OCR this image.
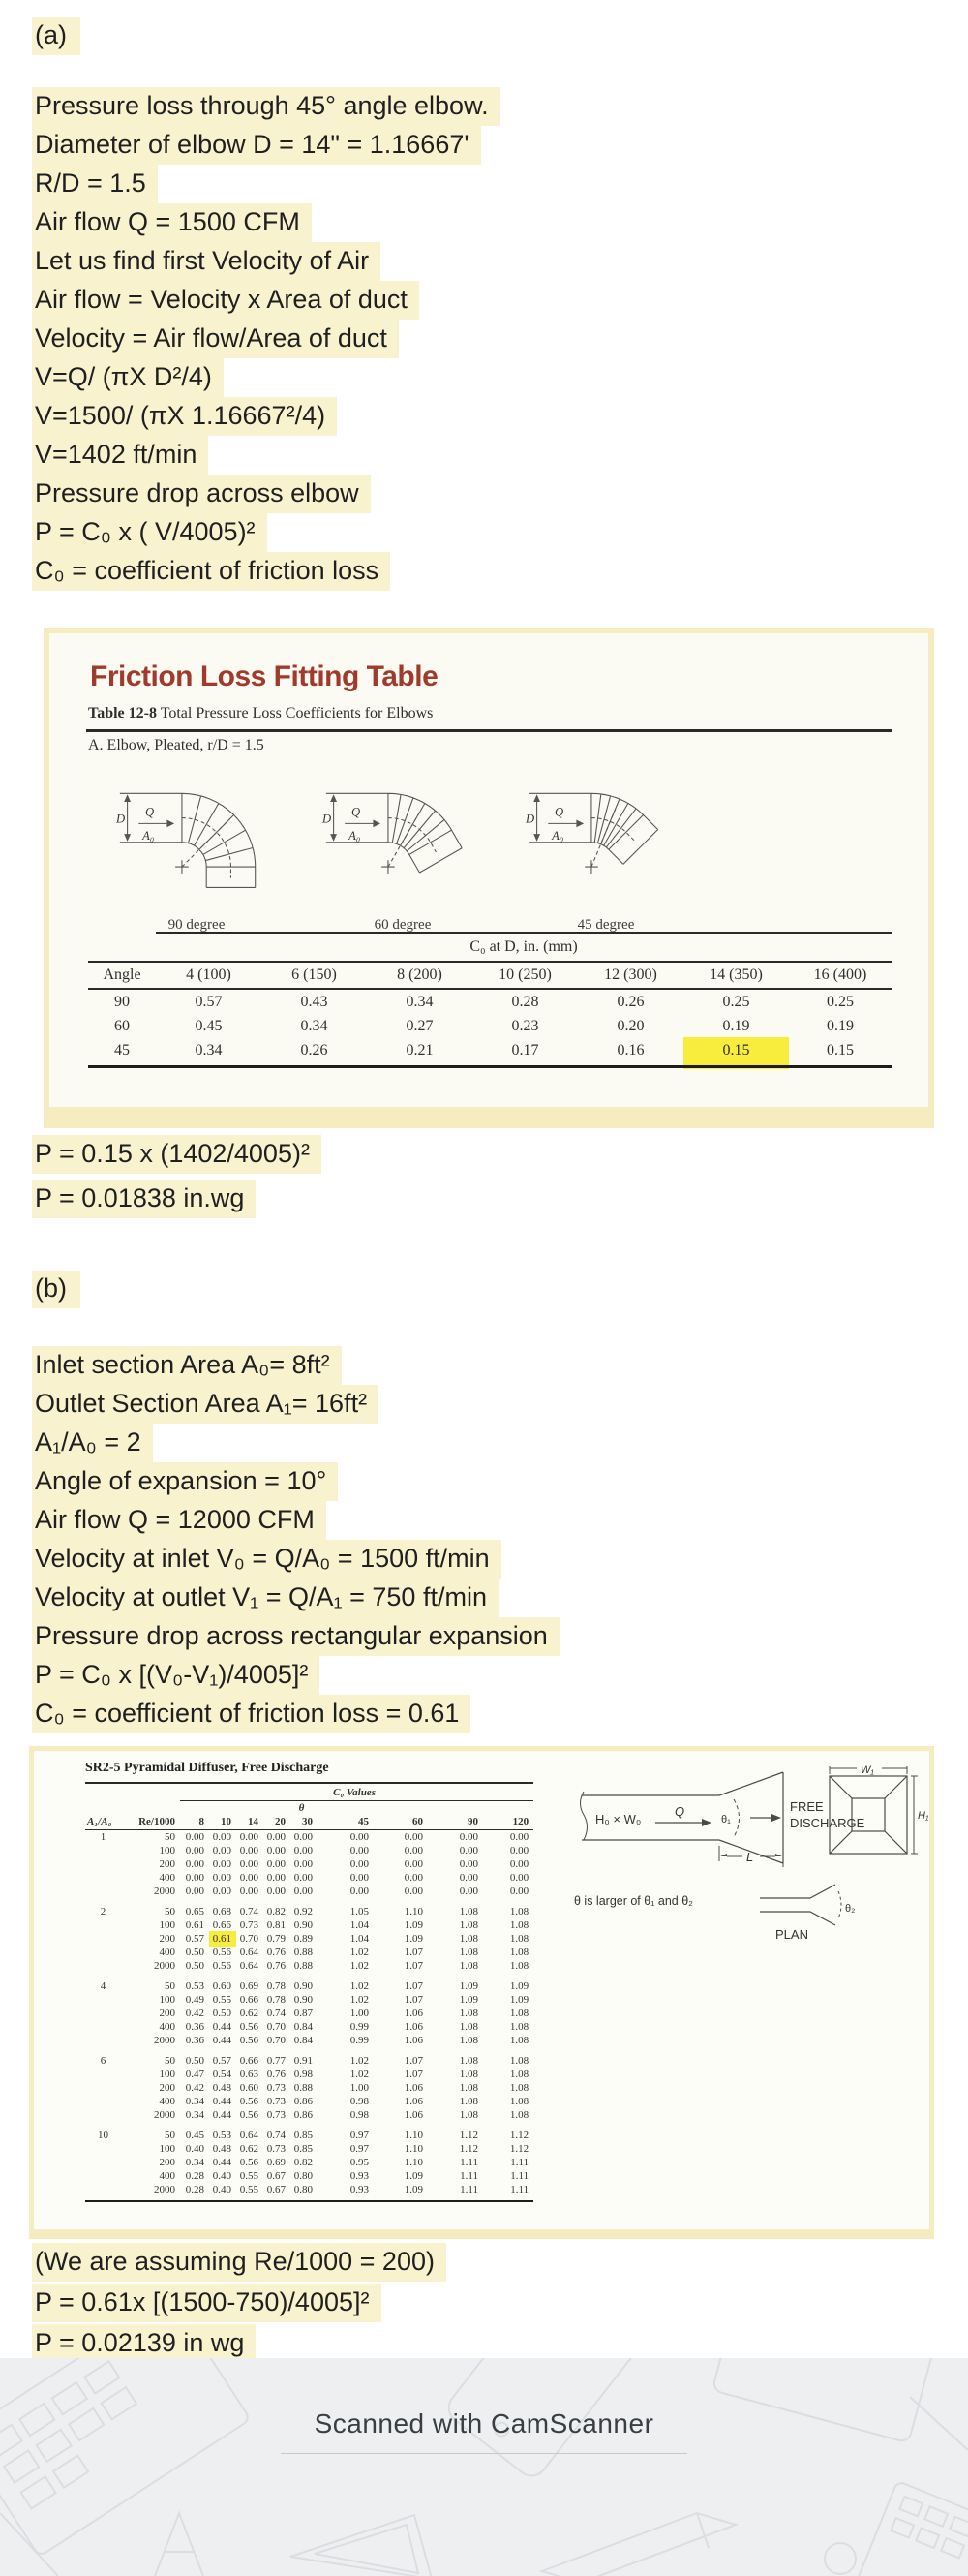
(a)
Pressure loss through 45° angle elbow.
Diameter of elbow D = 14" = 1.16667'
R/D = 1.5
Air flow Q = 1500 CFM
Let us find first Velocity of Air
Air flow = Velocity x Area of duct
Velocity = Air flow/Area of duct
V=Q/ (πX D²/4)
V=1500/ (πX 1.16667²/4)
V=1402 ft/min
Pressure drop across elbow
P = C₀ x ( V/4005)²
C₀ = coefficient of friction loss
Friction Loss Fitting Table
Table 12-8 Total Pressure Loss Coefficients for Elbows
A. Elbow, Pleated, r/D = 1.5
D Q
A₀
90 degree
D Q
A₀
60 degree
D Q
A₀
45 degree
	C₀ at D, in. (mm)						
Angle	4 (100)	6 (150)	8 (200)	10 (250)	12 (300)	14 (350)	16 (400)
90	0.57	0.43	0.34	0.28	0.26	0.25	0.25
60	0.45	0.34	0.27	0.23	0.20	0.19	0.19
45	0.34	0.26	0.21	0.17	0.16	0.15	0.15
P = 0.15 x (1402/4005)²
P = 0.01838 in.wg
(b)
Inlet section Area A₀= 8ft²
Outlet Section Area A₁= 16ft²
A₁/A₀ = 2
Angle of expansion = 10°
Air flow Q = 12000 CFM
Velocity at inlet V₀ = Q/A₀ = 1500 ft/min
Velocity at outlet V₁ = Q/A₁ = 750 ft/min
Pressure drop across rectangular expansion
P = C₀ x [(V₀-V₁)/4005]²
C₀ = coefficient of friction loss = 0.61
SR2-5 Pyramidal Diffuser, Free Discharge
		C₀ Values								
		θ								
A₁/A₀	Re/1000	8	10	14	20	30	45	60	90	120
1	50	0.00	0.00	0.00	0.00	0.00	0.00	0.00	0.00	0.00
	100	0.00	0.00	0.00	0.00	0.00	0.00	0.00	0.00	0.00
	200	0.00	0.00	0.00	0.00	0.00	0.00	0.00	0.00	0.00
	400	0.00	0.00	0.00	0.00	0.00	0.00	0.00	0.00	0.00
	2000	0.00	0.00	0.00	0.00	0.00	0.00	0.00	0.00	0.00
2	50	0.65	0.68	0.74	0.82	0.92	1.05	1.10	1.08	1.08
	100	0.61	0.66	0.73	0.81	0.90	1.04	1.09	1.08	1.08
	200	0.57	0.61	0.70	0.79	0.89	1.04	1.09	1.08	1.08
	400	0.50	0.56	0.64	0.76	0.88	1.02	1.07	1.08	1.08
	2000	0.50	0.56	0.64	0.76	0.88	1.02	1.07	1.08	1.08
4	50	0.53	0.60	0.69	0.78	0.90	1.02	1.07	1.09	1.09
	100	0.49	0.55	0.66	0.78	0.90	1.02	1.07	1.09	1.09
	200	0.42	0.50	0.62	0.74	0.87	1.00	1.06	1.08	1.08
	400	0.36	0.44	0.56	0.70	0.84	0.99	1.06	1.08	1.08
	2000	0.36	0.44	0.56	0.70	0.84	0.99	1.06	1.08	1.08
6	50	0.50	0.57	0.66	0.77	0.91	1.02	1.07	1.08	1.08
	100	0.47	0.54	0.63	0.76	0.98	1.02	1.07	1.08	1.08
	200	0.42	0.48	0.60	0.73	0.88	1.00	1.06	1.08	1.08
	400	0.34	0.44	0.56	0.73	0.86	0.98	1.06	1.08	1.08
	2000	0.34	0.44	0.56	0.73	0.86	0.98	1.06	1.08	1.08
10	50	0.45	0.53	0.64	0.74	0.85	0.97	1.10	1.12	1.12
	100	0.40	0.48	0.62	0.73	0.85	0.97	1.10	1.12	1.12
	200	0.34	0.44	0.56	0.69	0.82	0.95	1.10	1.11	1.11
	400	0.28	0.40	0.55	0.67	0.80	0.93	1.09	1.11	1.11
	2000	0.28	0.40	0.55	0.67	0.80	0.93	1.09	1.11	1.11
H₀ × W₀
Q
θ₁
FREE
DISCHARGE
L
W₁
H₁
θ is larger of θ₁ and θ₂
θ₂
PLAN
(We are assuming Re/1000 = 200)
P = 0.61x [(1500-750)/4005]²
P = 0.02139 in wg
Scanned with CamScanner
